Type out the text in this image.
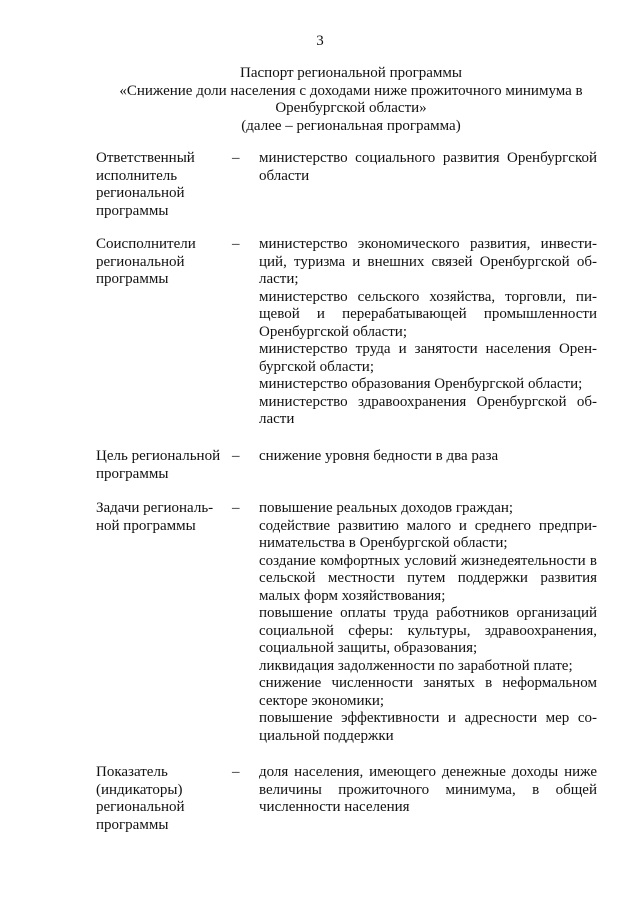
3
Паспорт региональной программы
«Снижение доли населения с доходами ниже прожиточного минимума в
Оренбургской области»
(далее – региональная программа)
Ответственный исполнитель региональной программы
–	министерство социального развития Оренбургской области
Соисполнители региональной программы
–	министерство экономического развития, инвестиций, туризма и внешних связей Оренбургской области;
министерство сельского хозяйства, торговли, пищевой и перерабатывающей промышленности Оренбургской области;
министерство труда и занятости населения Оренбургской области;
министерство образования Оренбургской области;
министерство здравоохранения Оренбургской области
Цель региональной программы
–	снижение уровня бедности в два раза
Задачи региональной программы
–	повышение реальных доходов граждан;
содействие развитию малого и среднего предпринимательства в Оренбургской области;
создание комфортных условий жизнедеятельности в сельской местности путем поддержки развития малых форм хозяйствования;
повышение оплаты труда работников организаций социальной сферы: культуры, здравоохранения, социальной защиты, образования;
ликвидация задолженности по заработной плате;
снижение численности занятых в неформальном секторе экономики;
повышение эффективности и адресности мер социальной поддержки
Показатель (индикаторы) региональной программы
–	доля населения, имеющего денежные доходы ниже величины прожиточного минимума, в общей численности населения
